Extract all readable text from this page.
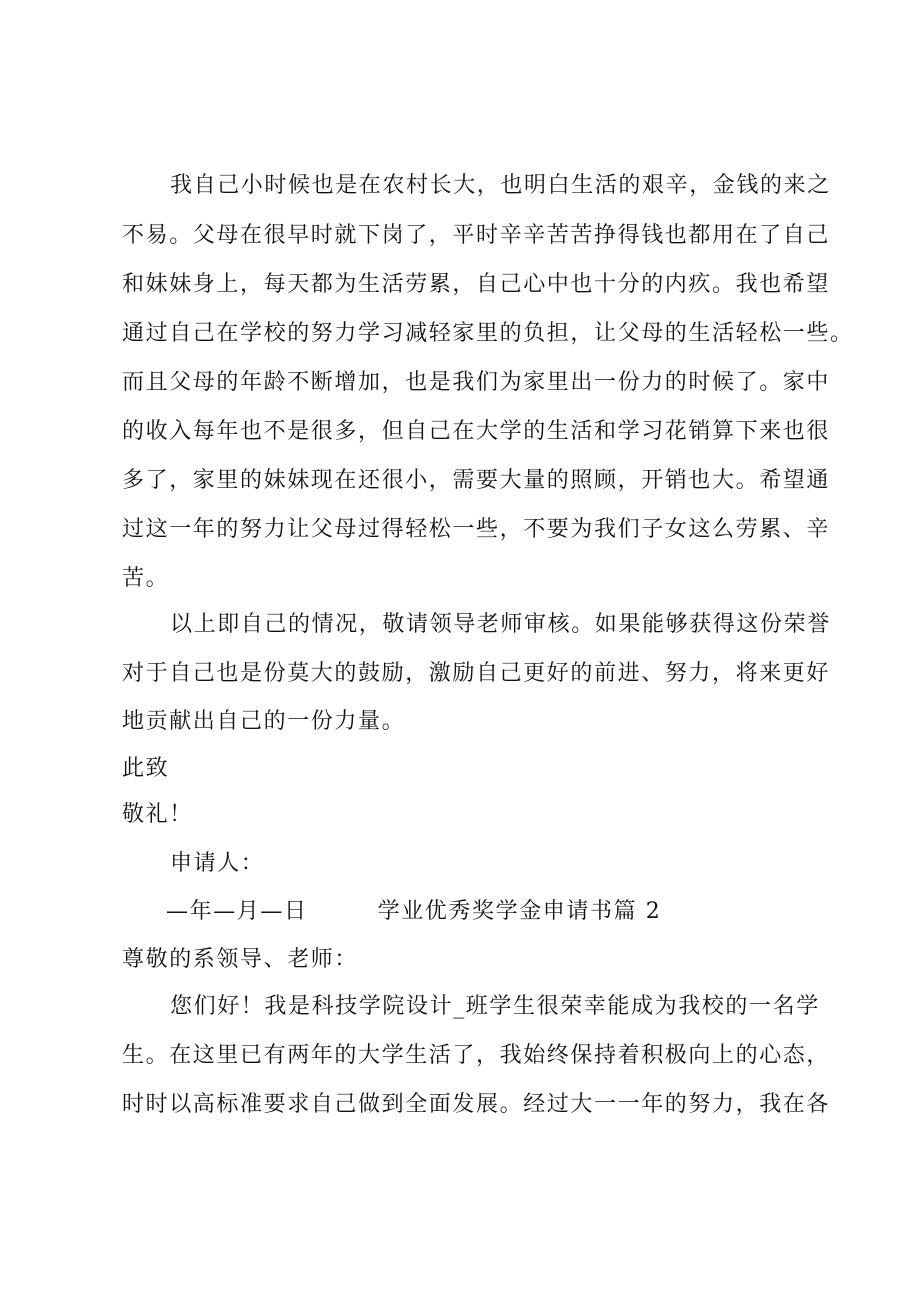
我自己小时候也是在农村长大，也明白生活的艰辛，金钱的来之
不易。父母在很早时就下岗了，平时辛辛苦苦挣得钱也都用在了自己
和妹妹身上，每天都为生活劳累，自己心中也十分的内疚。我也希望
通过自己在学校的努力学习减轻家里的负担，让父母的生活轻松一些。
而且父母的年龄不断增加，也是我们为家里出一份力的时候了。家中
的收入每年也不是很多，但自己在大学的生活和学习花销算下来也很
多了，家里的妹妹现在还很小，需要大量的照顾，开销也大。希望通
过这一年的努力让父母过得轻松一些，不要为我们子女这么劳累、辛
苦。
以上即自己的情况，敬请领导老师审核。如果能够获得这份荣誉
对于自己也是份莫大的鼓励，激励自己更好的前进、努力，将来更好
地贡献出自己的一份力量。
此致
敬礼！
申请人：
—年—月—日	学业优秀奖学金申请书篇 2
尊敬的系领导、老师：
您们好！我是科技学院设计_班学生很荣幸能成为我校的一名学
生。在这里已有两年的大学生活了，我始终保持着积极向上的心态，
时时以高标准要求自己做到全面发展。经过大一一年的努力，我在各
